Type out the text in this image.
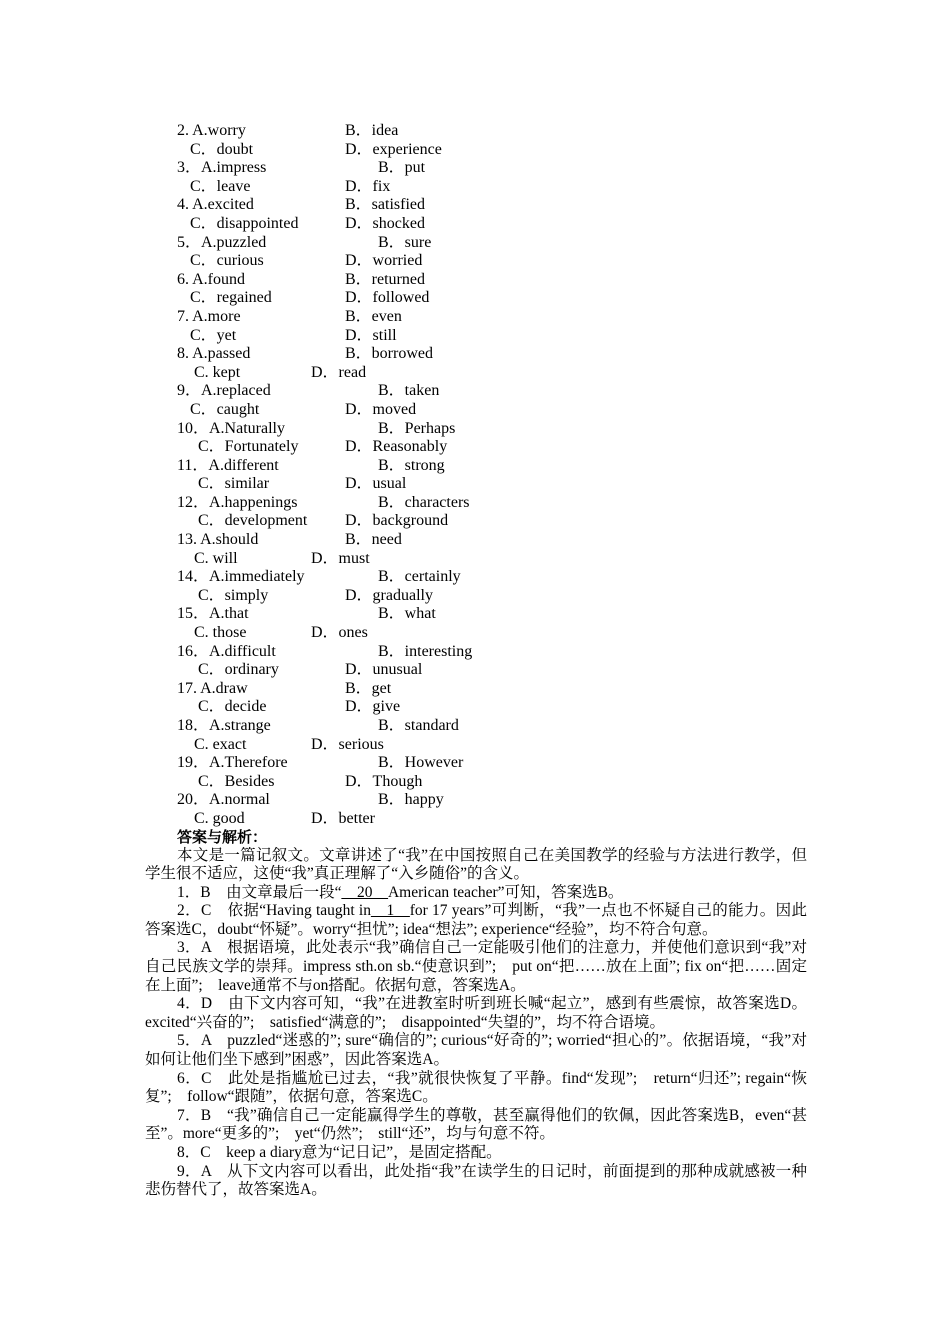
2. A.worry	B．idea
C．doubt	D．experience
3．A.impress	B．put
C．leave	D．fix
4. A.excited	B．satisfied
C．disappointed	D．shocked
5．A.puzzled	B．sure
C．curious	D．worried
6. A.found	B．returned
C．regained	D．followed
7. A.more	B．even
C．yet	D．still
8. A.passed	B．borrowed
C. kept	D．read
9．A.replaced	B．taken
C．caught	D．moved
10．A.Naturally	B．Perhaps
C．Fortunately	D．Reasonably
11．A.different	B．strong
C．similar	D．usual
12．A.happenings	B．characters
C．development D．background
13. A.should	B．need
C. will	D．must
14．A.immediately	B．certainly
C．simply	D．gradually
15．A.that	B．what
C. those	D．ones
16．A.difficult	B．interesting
C．ordinary	D．unusual
17. A.draw	B．get
C．decide	D．give
18．A.strange	B．standard
C. exact	D．serious
19．A.Therefore	B．However
C．Besides	D．Though
20．A.normal	B．happy
C. good	D．better
答案与解析：

本文是一篇记叙文。文章讲述了“我”在中国按照自己在美国教学的经验与方法进行教学，但学生很不适应，这使“我”真正理解了“入乡随俗”的含义。

1．B　由文章最后一段“__20__American teacher”可知，答案选B。

2．C　依据“Having taught in__1__for 17 years”可判断，“我”一点也不怀疑自己的能力。因此答案选C，doubt“怀疑”。worry“担忧”; idea“想法”; experience“经验”，均不符合句意。

3．A　根据语境，此处表示“我”确信自己一定能吸引他们的注意力，并使他们意识到“我”对自己民族文学的崇拜。impress sth.on sb.“使意识到”;　put on“把……放在上面”; fix on“把……固定在上面”;　leave通常不与on搭配。依据句意，答案选A。

4．D　由下文内容可知，“我”在进教室时听到班长喊“起立”，感到有些震惊，故答案选D。excited“兴奋的”;　satisfied“满意的”;　disappointed“失望的”，均不符合语境。

5．A　puzzled“迷惑的”; sure“确信的”; curious“好奇的”; worried“担心的”。依据语境，“我”对如何让他们坐下感到”困惑”，因此答案选A。

6．C　此处是指尴尬已过去，“我”就很快恢复了平静。find“发现”;　return“归还”; regain“恢复”;　follow“跟随”，依据句意，答案选C。

7．B　“我”确信自己一定能赢得学生的尊敬，甚至赢得他们的钦佩，因此答案选B，even“甚至”。more“更多的”;　yet“仍然”;　still“还”，均与句意不符。

8．C　keep a diary意为“记日记”，是固定搭配。

9．A　从下文内容可以看出，此处指“我”在读学生的日记时，前面提到的那种成就感被一种悲伤替代了，故答案选A。
